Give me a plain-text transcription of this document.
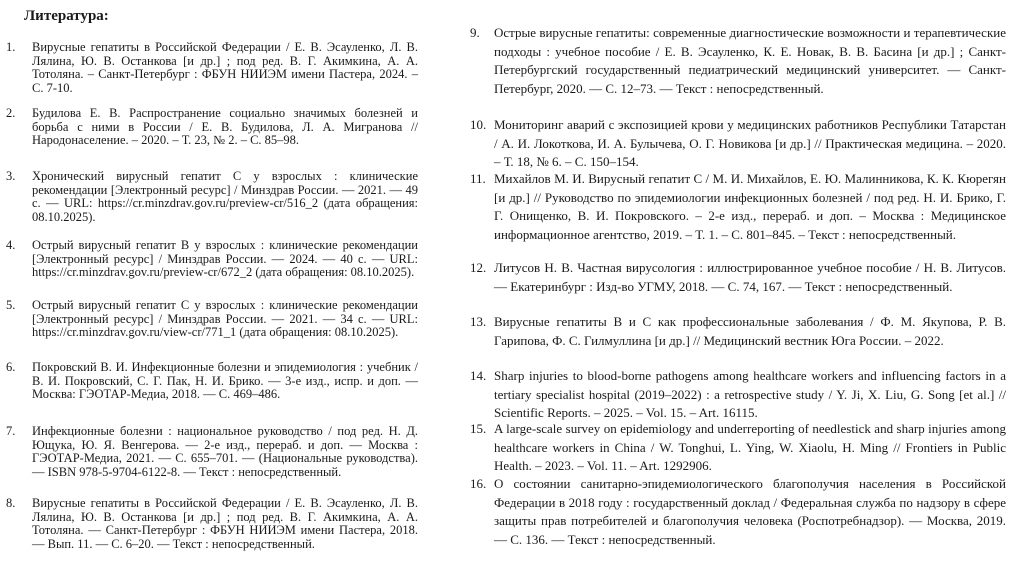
Литература:
1.	Вирусные гепатиты в Российской Федерации / Е. В. Эсауленко, Л. В. Лялина, Ю. В. Останкова [и др.] ; под ред. В. Г. Акимкина, А. А. Тотоляна. – Санкт-Петербург : ФБУН НИИЭМ имени Пастера, 2024. – С. 7-10.
2.	Будилова Е. В. Распространение социально значимых болезней и борьба с ними в России / Е. В. Будилова, Л. А. Мигранова // Народонаселение. – 2020. – Т. 23, № 2. – С. 85–98.
3.	Хронический вирусный гепатит C у взрослых : клинические рекомендации [Электронный ресурс] / Минздрав России. — 2021. — 49 с. — URL: https://cr.minzdrav.gov.ru/preview-cr/516_2 (дата обращения: 08.10.2025).
4.	Острый вирусный гепатит B у взрослых : клинические рекомендации [Электронный ресурс] / Минздрав России. — 2024. — 40 с. — URL: https://cr.minzdrav.gov.ru/preview-cr/672_2 (дата обращения: 08.10.2025).
5.	Острый вирусный гепатит C у взрослых : клинические рекомендации [Электронный ресурс] / Минздрав России. — 2021. — 34 с. — URL: https://cr.minzdrav.gov.ru/view-cr/771_1 (дата обращения: 08.10.2025).
6.	Покровский В. И. Инфекционные болезни и эпидемиология : учебник / В. И. Покровский, С. Г. Пак, Н. И. Брико. — 3-е изд., испр. и доп. — Москва: ГЭОТАР-Медиа, 2018. — С. 469–486.
7.	Инфекционные болезни : национальное руководство / под ред. Н. Д. Ющука, Ю. Я. Венгерова. — 2-е изд., перераб. и доп. — Москва : ГЭОТАР-Медиа, 2021. — С. 655–701. — (Национальные руководства). — ISBN 978-5-9704-6122-8. — Текст : непосредственный.
8.	Вирусные гепатиты в Российской Федерации / Е. В. Эсауленко, Л. В. Лялина, Ю. В. Останкова [и др.] ; под ред. В. Г. Акимкина, А. А. Тотоляна. — Санкт-Петербург : ФБУН НИИЭМ имени Пастера, 2018. — Вып. 11. — С. 6–20. — Текст : непосредственный.
9.	Острые вирусные гепатиты: современные диагностические возможности и терапевтические подходы : учебное пособие / Е. В. Эсауленко, К. Е. Новак, В. В. Басина [и др.] ; Санкт-Петербургский государственный педиатрический медицинский университет. — Санкт-Петербург, 2020. — С. 12–73. — Текст : непосредственный.
10. Мониторинг аварий с экспозицией крови у медицинских работников Республики Татарстан / А. И. Локоткова, И. А. Булычева, О. Г. Новикова [и др.] // Практическая медицина. – 2020. – Т. 18, № 6. – С. 150–154.
11. Михайлов М. И. Вирусный гепатит C / М. И. Михайлов, Е. Ю. Малинникова, К. К. Кюрегян [и др.] // Руководство по эпидемиологии инфекционных болезней / под ред. Н. И. Брико, Г. Г. Онищенко, В. И. Покровского. – 2-е изд., перераб. и доп. – Москва : Медицинское информационное агентство, 2019. – Т. 1. – С. 801–845. – Текст : непосредственный.
12. Литусов Н. В. Частная вирусология : иллюстрированное учебное пособие / Н. В. Литусов. — Екатеринбург : Изд-во УГМУ, 2018. — С. 74, 167. — Текст : непосредственный.
13. Вирусные гепатиты B и C как профессиональные заболевания / Ф. М. Якупова, Р. В. Гарипова, Ф. С. Гилмуллина [и др.] // Медицинский вестник Юга России. – 2022.
14. Sharp injuries to blood-borne pathogens among healthcare workers and influencing factors in a tertiary specialist hospital (2019–2022) : a retrospective study / Y. Ji, X. Liu, G. Song [et al.] // Scientific Reports. – 2025. – Vol. 15. – Art. 16115.
15. A large-scale survey on epidemiology and underreporting of needlestick and sharp injuries among healthcare workers in China / W. Tonghui, L. Ying, W. Xiaolu, H. Ming // Frontiers in Public Health. – 2023. – Vol. 11. – Art. 1292906.
16. О состоянии санитарно-эпидемиологического благополучия населения в Российской Федерации в 2018 году : государственный доклад / Федеральная служба по надзору в сфере защиты прав потребителей и благополучия человека (Роспотребнадзор). — Москва, 2019. — С. 136. — Текст : непосредственный.
